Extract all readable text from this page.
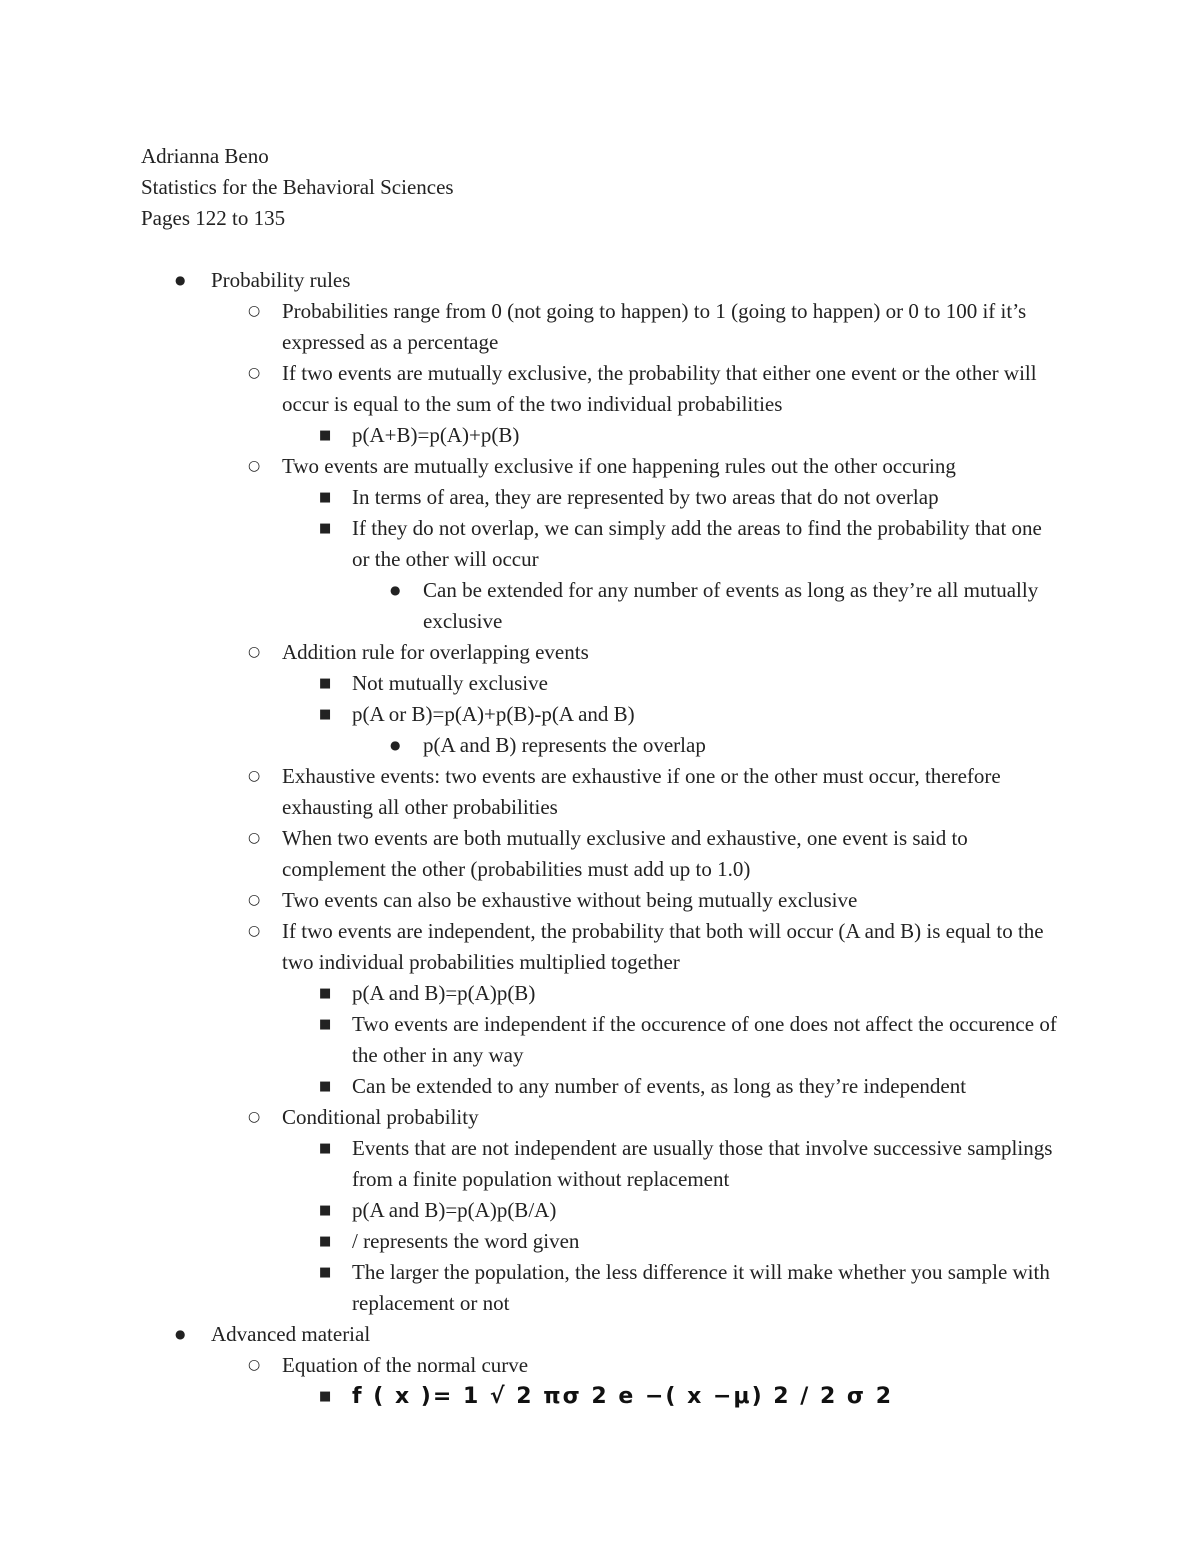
Adrianna Beno
Statistics for the Behavioral Sciences
Pages 122 to 135
● Probability rules
○ Probabilities range from 0 (not going to happen) to 1 (going to happen) or 0 to 100 if it’s expressed as a percentage
○ If two events are mutually exclusive, the probability that either one event or the other will occur is equal to the sum of the two individual probabilities
■ p(A+B)=p(A)+p(B)
○ Two events are mutually exclusive if one happening rules out the other occuring
■ In terms of area, they are represented by two areas that do not overlap
■ If they do not overlap, we can simply add the areas to find the probability that one or the other will occur
● Can be extended for any number of events as long as they’re all mutually exclusive
○ Addition rule for overlapping events
■ Not mutually exclusive
■ p(A or B)=p(A)+p(B)-p(A and B)
● p(A and B) represents the overlap
○ Exhaustive events: two events are exhaustive if one or the other must occur, therefore exhausting all other probabilities
○ When two events are both mutually exclusive and exhaustive, one event is said to complement the other (probabilities must add up to 1.0)
○ Two events can also be exhaustive without being mutually exclusive
○ If two events are independent, the probability that both will occur (A and B) is equal to the two individual probabilities multiplied together
■ p(A and B)=p(A)p(B)
■ Two events are independent if the occurence of one does not affect the occurence of the other in any way
■ Can be extended to any number of events, as long as they’re independent
○ Conditional probability
■ Events that are not independent are usually those that involve successive samplings from a finite population without replacement
■ p(A and B)=p(A)p(B/A)
■ / represents the word given
■ The larger the population, the less difference it will make whether you sample with replacement or not
● Advanced material
○ Equation of the normal curve
■ f ( x )= 1 √ 2 πσ 2 e −( x −μ) 2 / 2 σ 2
